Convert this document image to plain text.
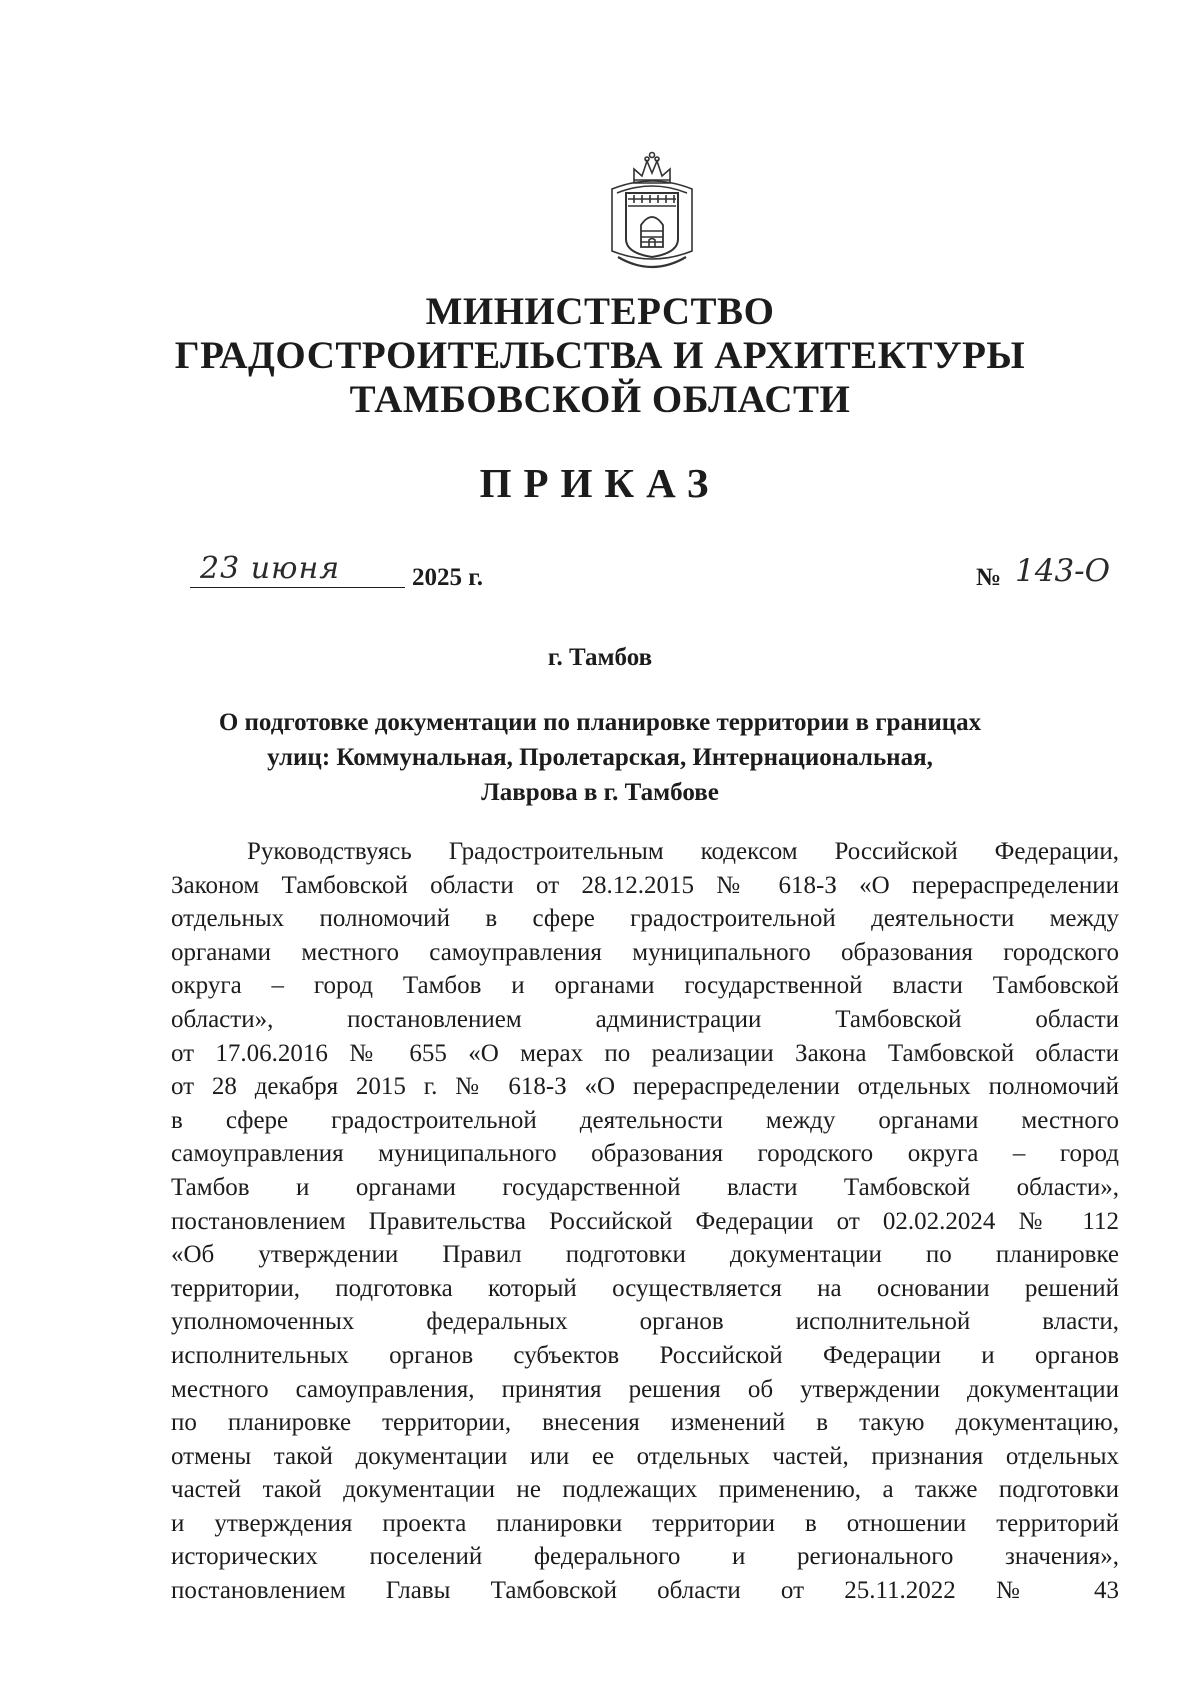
МИНИСТЕРСТВО
ГРАДОСТРОИТЕЛЬСТВА И АРХИТЕКТУРЫ
ТАМБОВСКОЙ ОБЛАСТИ
ПРИКАЗ
23 июня	2025 г.	№ 143-О
г. Тамбов
О подготовке документации по планировке территории в границах
улиц: Коммунальная, Пролетарская, Интернациональная,
Лаврова в г. Тамбове
Руководствуясь Градостроительным кодексом Российской Федерации,
Законом Тамбовской области от 28.12.2015 № 618-З «О перераспределении
отдельных полномочий в сфере градостроительной деятельности между
органами местного самоуправления муниципального образования городского
округа – город Тамбов и органами государственной власти Тамбовской
области», постановлением администрации Тамбовской области
от 17.06.2016 № 655 «О мерах по реализации Закона Тамбовской области
от 28 декабря 2015 г. № 618-З «О перераспределении отдельных полномочий
в сфере градостроительной деятельности между органами местного
самоуправления муниципального образования городского округа – город
Тамбов и органами государственной власти Тамбовской области»,
постановлением Правительства Российской Федерации от 02.02.2024 № 112
«Об утверждении Правил подготовки документации по планировке
территории, подготовка который осуществляется на основании решений
уполномоченных федеральных органов исполнительной власти,
исполнительных органов субъектов Российской Федерации и органов
местного самоуправления, принятия решения об утверждении документации
по планировке территории, внесения изменений в такую документацию,
отмены такой документации или ее отдельных частей, признания отдельных
частей такой документации не подлежащих применению, а также подготовки
и утверждения проекта планировки территории в отношении территорий
исторических поселений федерального и регионального значения»,
постановлением Главы Тамбовской области от 25.11.2022 № 43
